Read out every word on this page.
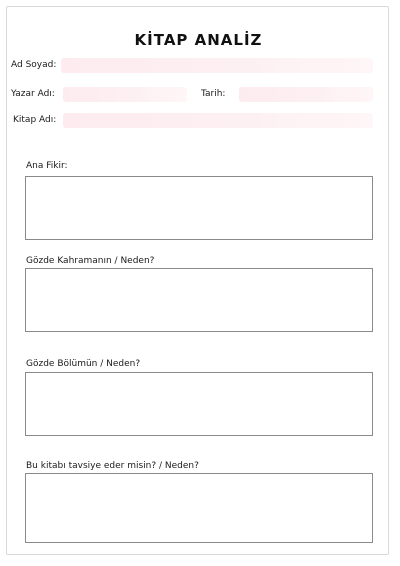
KİTAP ANALİZ
Ad Soyad:
Yazar Adı:	Tarih:
Kitap Adı:
Ana Fikir:
Gözde Kahramanın / Neden?
Gözde Bölümün / Neden?
Bu kitabı tavsiye eder misin? / Neden?
